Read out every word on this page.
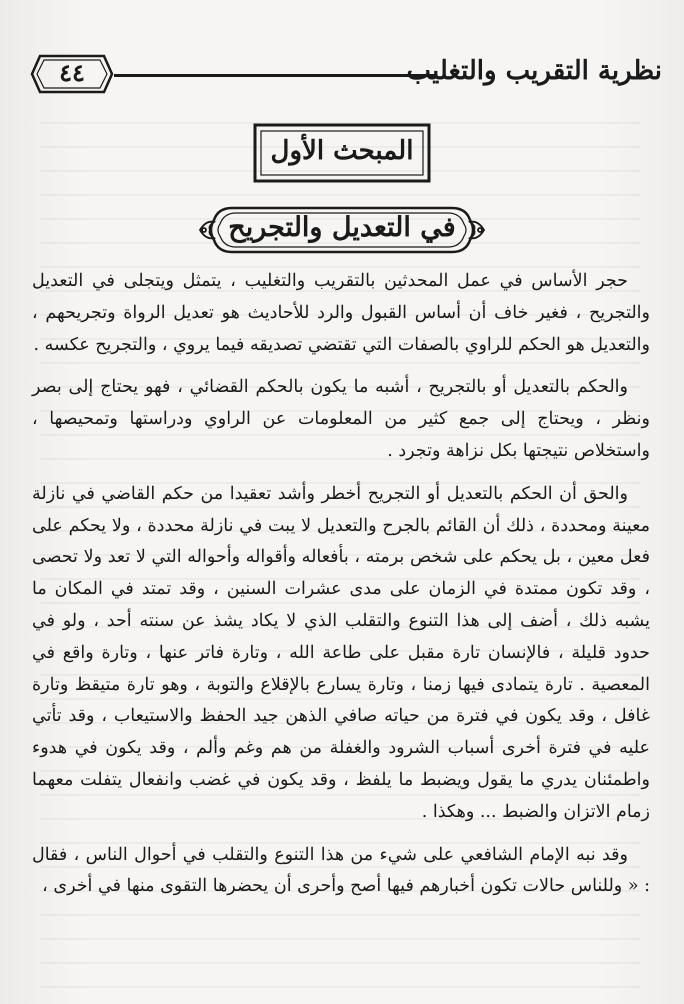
نظرية التقريب والتغليب
٤٤
المبحث الأول
في التعديل والتجريح

حجر الأساس في عمل المحدثين بالتقريب والتغليب ، يتمثل ويتجلى في التعديل والتجريح ، فغير خاف أن أساس القبول والرد للأحاديث هو تعديل الرواة وتجريحهم ، والتعديل هو الحكم للراوي بالصفات التي تقتضي تصديقه فيما يروي ، والتجريح عكسه .

والحكم بالتعديل أو بالتجريح ، أشبه ما يكون بالحكم القضائي ، فهو يحتاج إلى بصر ونظر ، ويحتاج إلى جمع كثير من المعلومات عن الراوي ودراستها وتمحيصها ، واستخلاص نتيجتها بكل نزاهة وتجرد .

والحق أن الحكم بالتعديل أو التجريح أخطر وأشد تعقيدا من حكم القاضي في نازلة معينة ومحددة ، ذلك أن القائم بالجرح والتعديل لا يبت في نازلة محددة ، ولا يحكم على فعل معين ، بل يحكم على شخص برمته ، بأفعاله وأقواله وأحواله التي لا تعد ولا تحصى ، وقد تكون ممتدة في الزمان على مدى عشرات السنين ، وقد تمتد في المكان ما يشبه ذلك ، أضف إلى هذا التنوع والتقلب الذي لا يكاد يشذ عن سنته أحد ، ولو في حدود قليلة ، فالإنسان تارة مقبل على طاعة الله ، وتارة فاتر عنها ، وتارة واقع في المعصية . تارة يتمادى فيها زمنا ، وتارة يسارع بالإقلاع والتوبة ، وهو تارة متيقظ وتارة غافل ، وقد يكون في فترة من حياته صافي الذهن جيد الحفظ والاستيعاب ، وقد تأتي عليه في فترة أخرى أسباب الشرود والغفلة من هم وغم وألم ، وقد يكون في هدوء واطمئنان يدري ما يقول ويضبط ما يلفظ ، وقد يكون في غضب وانفعال يتفلت معهما زمام الاتزان والضبط ... وهكذا .

وقد نبه الإمام الشافعي على شيء من هذا التنوع والتقلب في أحوال الناس ، فقال : « وللناس حالات تكون أخبارهم فيها أصح وأحرى أن يحضرها التقوى منها في أخرى ،
